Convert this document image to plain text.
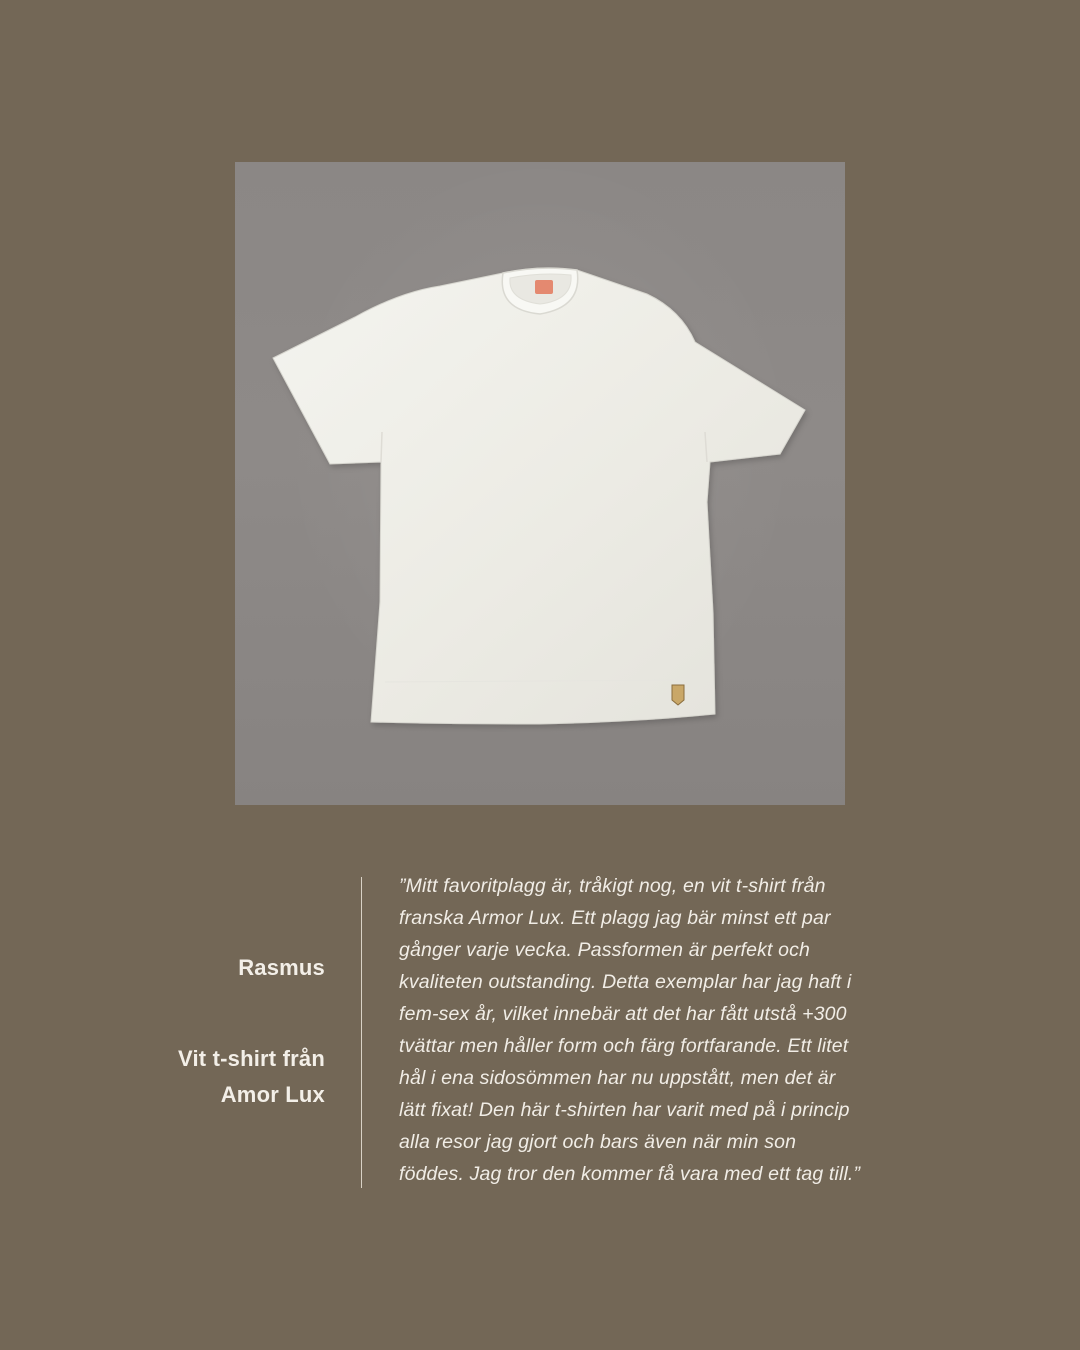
Rasmus
Vit t-shirt från
Amor Lux
”Mitt favoritplagg är, tråkigt nog, en vit t-shirt från
franska Armor Lux. Ett plagg jag bär minst ett par
gånger varje vecka. Passformen är perfekt och
kvaliteten outstanding. Detta exemplar har jag haft i
fem-sex år, vilket innebär att det har fått utstå +300
tvättar men håller form och färg fortfarande. Ett litet
hål i ena sidosömmen har nu uppstått, men det är
lätt fixat! Den här t-shirten har varit med på i princip
alla resor jag gjort och bars även när min son
föddes. Jag tror den kommer få vara med ett tag till.”
